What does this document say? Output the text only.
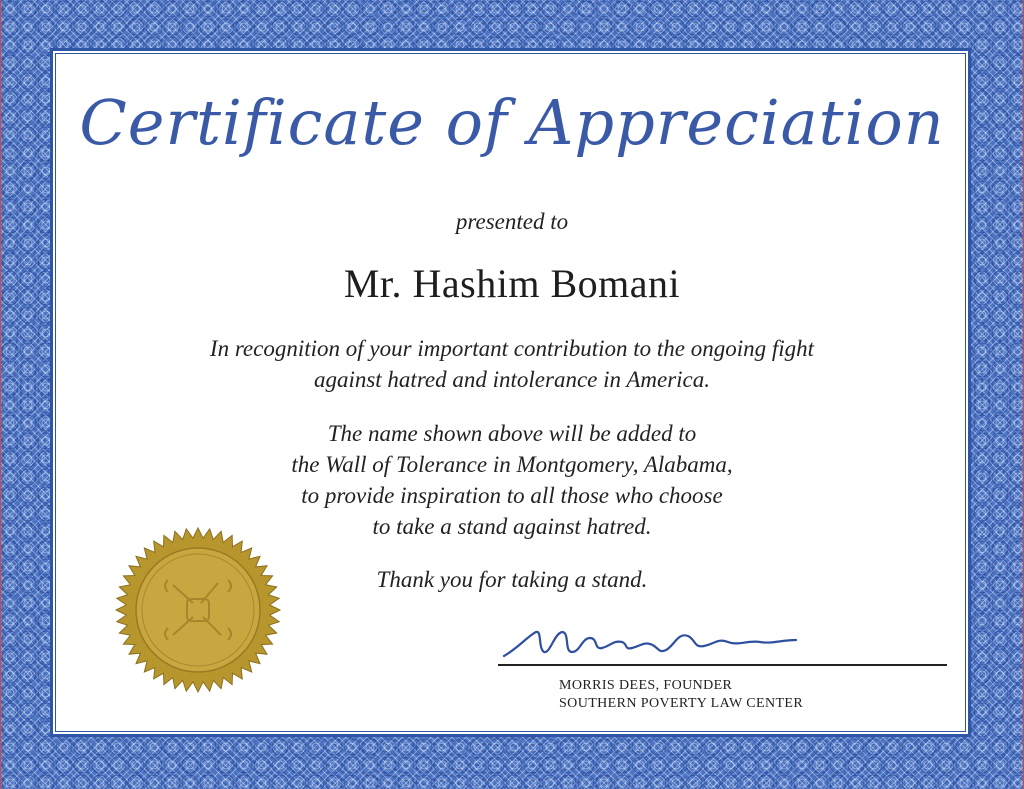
Certificate of Appreciation
presented to
Mr. Hashim Bomani
In recognition of your important contribution to the ongoing fight
against hatred and intolerance in America.
The name shown above will be added to
the Wall of Tolerance in Montgomery, Alabama,
to provide inspiration to all those who choose
to take a stand against hatred.
Thank you for taking a stand.
MORRIS DEES, FOUNDER
SOUTHERN POVERTY LAW CENTER
